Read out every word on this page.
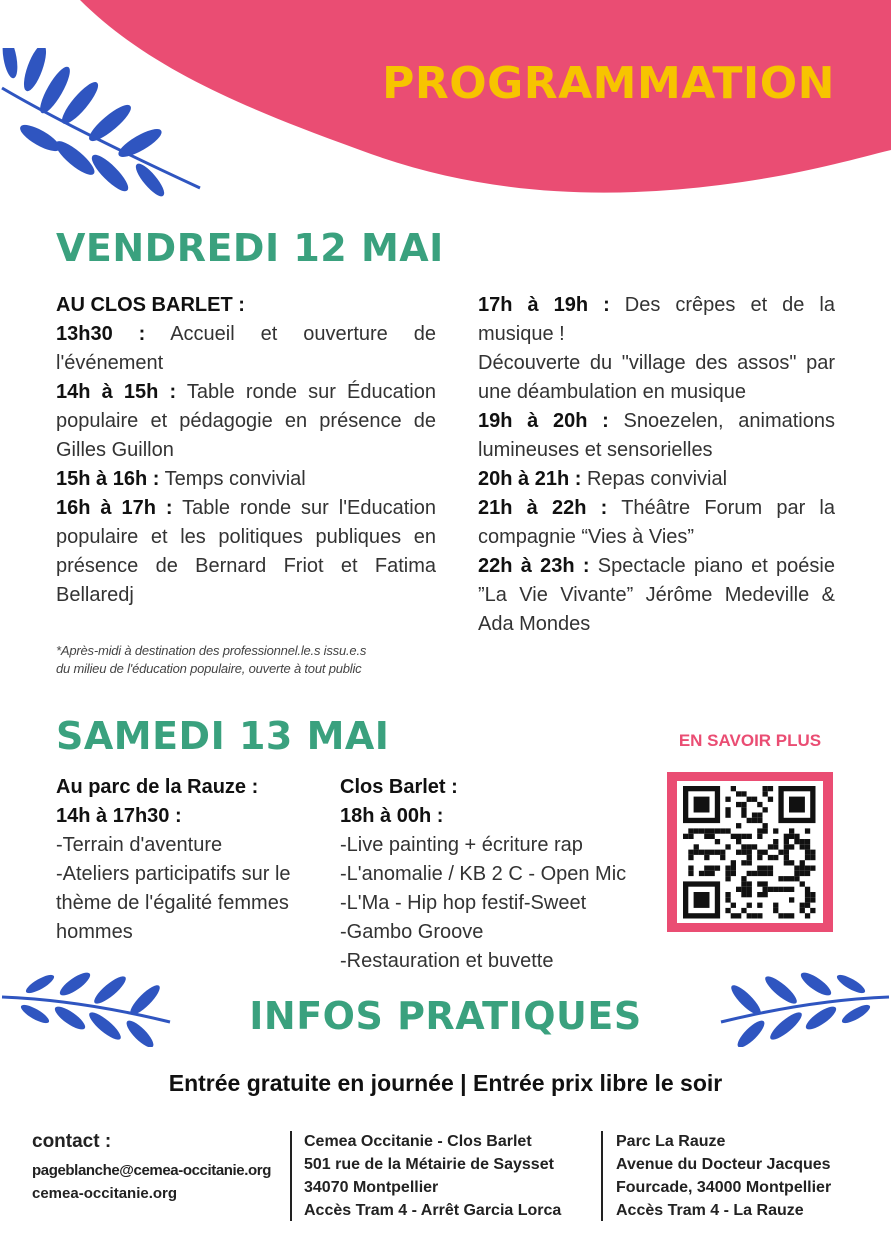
PROGRAMMATION
VENDREDI 12 MAI

AU CLOS BARLET :

13h30 : Accueil et ouverture de l'événement

14h à 15h : Table ronde sur Éducation populaire et pédagogie en présence de Gilles Guillon

15h à 16h : Temps convivial

16h à 17h : Table ronde sur l'Education populaire et les politiques publiques en présence de Bernard Friot et Fatima Bellaredj

17h à 19h : Des crêpes et de la musique !

Découverte du "village des assos" par une déambulation en musique

19h à 20h : Snoezelen, animations lumineuses et sensorielles

20h à 21h : Repas convivial

21h à 22h : Théâtre Forum par la compagnie “Vies à Vies”

22h à 23h : Spectacle piano et poésie ”La Vie Vivante” Jérôme Medeville & Ada Mondes

*Après-midi à destination des professionnel.le.s issu.e.s
du milieu de l'éducation populaire, ouverte à tout public
SAMEDI 13 MAI

Au parc de la Rauze :

14h à 17h30 :

-Terrain d'aventure

-Ateliers participatifs sur le thème de l'égalité femmes hommes

Clos Barlet :

18h à 00h :

-Live painting + écriture rap

-L'anomalie / KB 2 C - Open Mic

-L'Ma - Hip hop festif-Sweet

-Gambo Groove

-Restauration et buvette

EN SAVOIR PLUS
INFOS PRATIQUES
Entrée gratuite en journée | Entrée prix libre le soir
contact :
pageblanche@cemea-occitanie.org
cemea-occitanie.org
Cemea Occitanie - Clos Barlet
501 rue de la Métairie de Saysset
34070 Montpellier
Accès Tram 4 - Arrêt Garcia Lorca
Parc La Rauze
Avenue du Docteur Jacques
Fourcade, 34000 Montpellier
Accès Tram 4 - La Rauze
